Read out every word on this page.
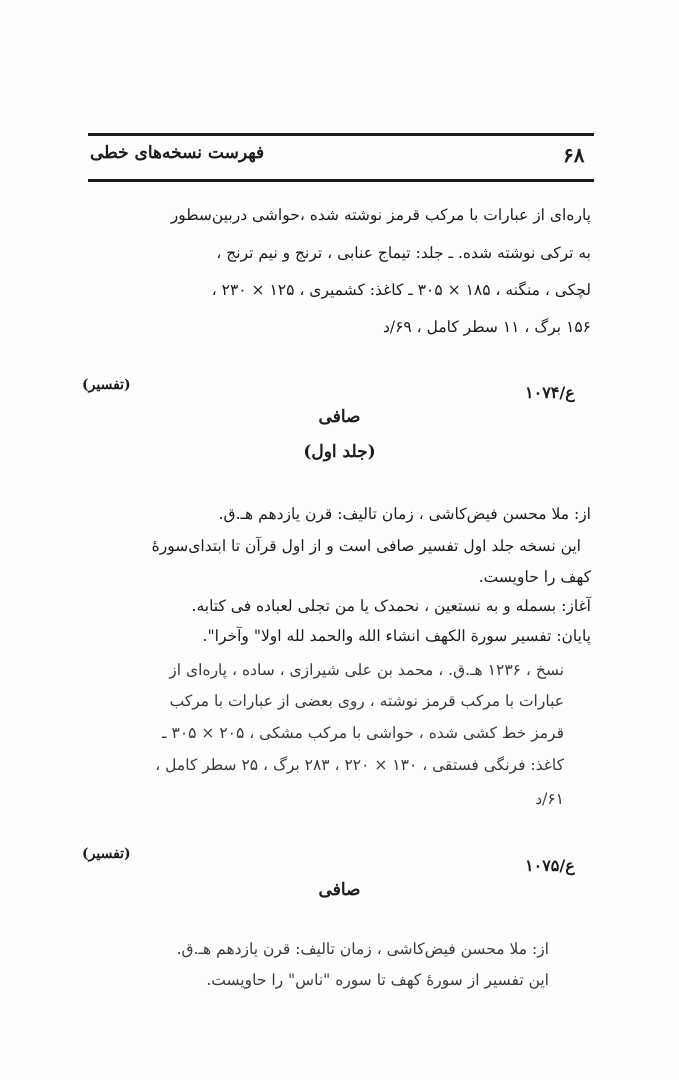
فهرست نسخه‌های خطی	۶۸
پاره‌ای از عبارات با مرکب قرمز نوشته شده ،حواشی دربین‌سطور
به ترکی نوشته شده. ـ جلد: تیماج عنابی ، ترنج و نیم ترنج ،
لچکی ، منگنه ، ۱۸۵ × ۳۰۵ ـ کاغذ: کشمیری ، ۱۲۵ × ۲۳۰ ،
۱۵۶ برگ ، ۱۱ سطر کامل ، ۶۹/د
۱۰۷۴/ع
(تفسیر)
صافی
(جلد اول)
از: ملا محسن فیض‌کاشی ، زمان تالیف: قرن یازدهم هـ.ق.
این نسخه جلد اول تفسیر صافی است و از اول قرآن تا ابتدای‌سوره‌ٔ
کهف را حاویست.
آغاز: بسمله و به نستعین ، نحمدک یا من تجلی لعباده فی کتابه.
پایان: تفسیر سورة الکهف انشاء الله والحمد لله اولا" وآخرا".
نسخ ، ۱۲۳۶ هـ.ق. ، محمد بن علی شیرازی ، ساده ، پاره‌ای از
عبارات با مرکب قرمز نوشته ، روی بعضی از عبارات با مرکب
قرمز خط کشی شده ، حواشی با مرکب مشکی ، ۲۰۵ × ۳۰۵ ـ
کاغذ: فرنگی فستقی ، ۱۳۰ × ۲۲۰ ، ۲۸۳ برگ ، ۲۵ سطر کامل ،
۶۱/د
۱۰۷۵/ع
(تفسیر)
صافی
از: ملا محسن فیض‌کاشی ، زمان تالیف: قرن یازدهم هـ.ق.
این تفسیر از سوره‌ٔ کهف تا سوره "ناس" را حاویست.
